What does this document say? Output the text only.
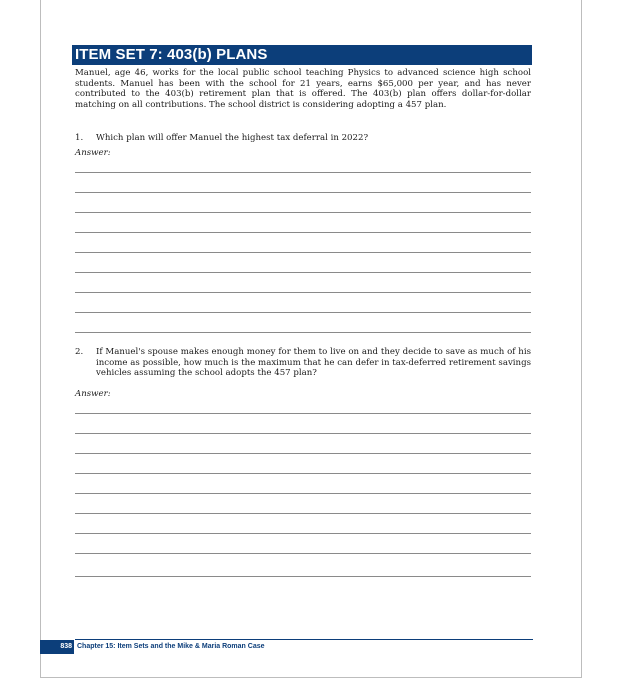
ITEM SET 7: 403(b) PLANS

Manuel, age 46, works for the local public school teaching Physics to advanced science high school students. Manuel has been with the school for 21 years, earns $65,000 per year, and has never contributed to the 403(b) retirement plan that is offered. The 403(b) plan offers dollar-for-dollar matching on all contributions. The school district is considering adopting a 457 plan.

1. Which plan will offer Manuel the highest tax deferral in 2022?
Answer:
2. If Manuel's spouse makes enough money for them to live on and they decide to save as much of his income as possible, how much is the maximum that he can defer in tax-deferred retirement savings vehicles assuming the school adopts the 457 plan?
Answer:
838 Chapter 15: Item Sets and the Mike & Maria Roman Case
